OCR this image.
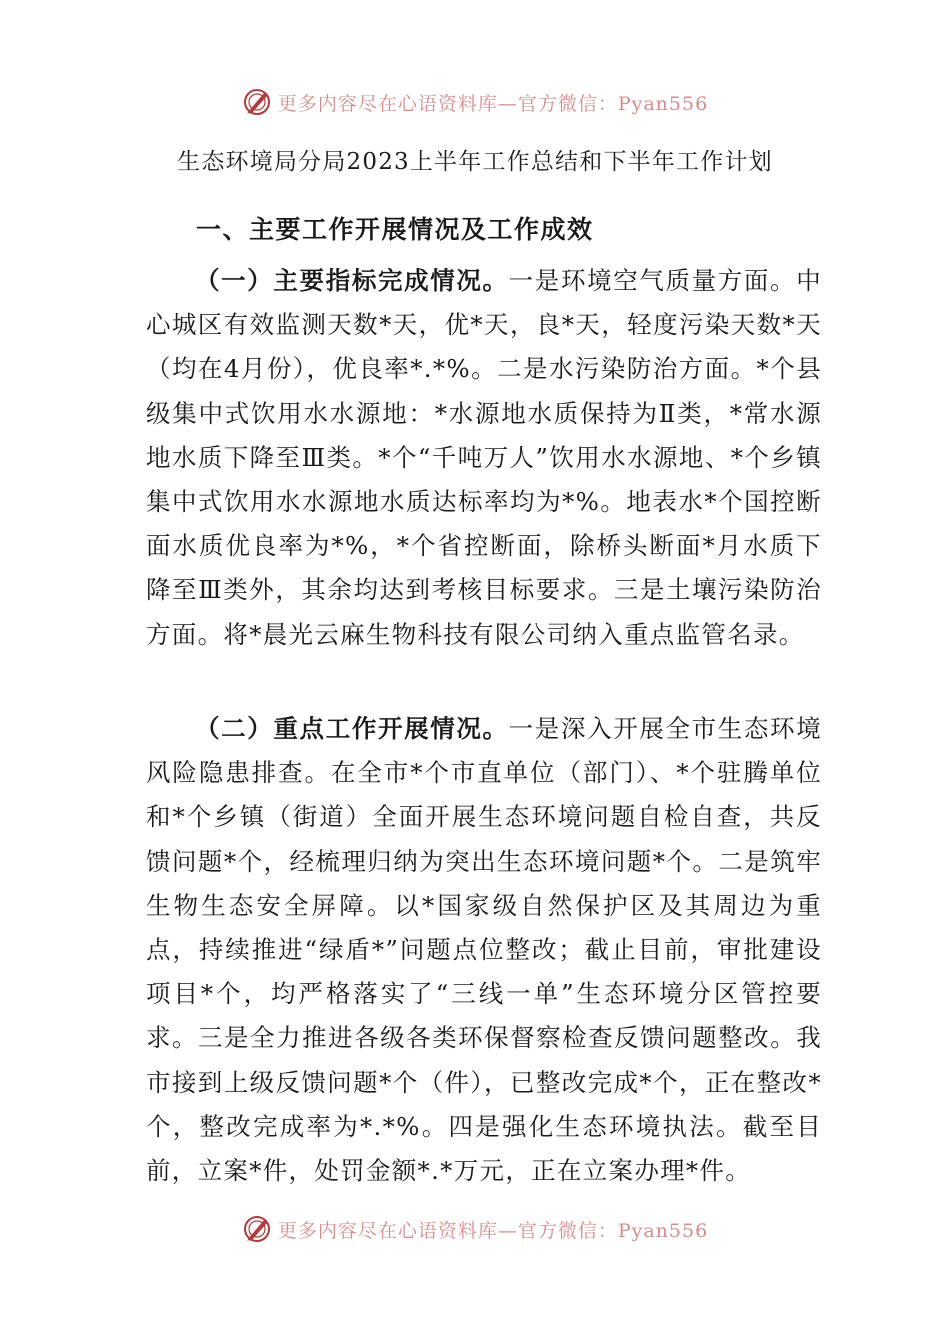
更多内容尽在心语资料库—官方微信：Pyan556
生态环境局分局2023上半年工作总结和下半年工作计划
一、主要工作开展情况及工作成效

（一）主要指标完成情况。一是环境空气质量方面。中心城区有效监测天数*天，优*天，良*天，轻度污染天数*天（均在4月份），优良率*.*%。二是水污染防治方面。*个县级集中式饮用水水源地：*水源地水质保持为Ⅱ类，*常水源地水质下降至Ⅲ类。*个“千吨万人”饮用水水源地、*个乡镇集中式饮用水水源地水质达标率均为*%。地表水*个国控断面水质优良率为*%，*个省控断面，除桥头断面*月水质下降至Ⅲ类外，其余均达到考核目标要求。三是土壤污染防治方面。将*晨光云麻生物科技有限公司纳入重点监管名录。

（二）重点工作开展情况。一是深入开展全市生态环境风险隐患排查。在全市*个市直单位（部门）、*个驻腾单位和*个乡镇（街道）全面开展生态环境问题自检自查，共反馈问题*个，经梳理归纳为突出生态环境问题*个。二是筑牢生物生态安全屏障。以*国家级自然保护区及其周边为重点，持续推进“绿盾*”问题点位整改；截止目前，审批建设项目*个，均严格落实了“三线一单”生态环境分区管控要求。三是全力推进各级各类环保督察检查反馈问题整改。我市接到上级反馈问题*个（件），已整改完成*个，正在整改*个，整改完成率为*.*%。四是强化生态环境执法。截至目前，立案*件，处罚金额*.*万元，正在立案办理*件。

更多内容尽在心语资料库—官方微信：Pyan556
